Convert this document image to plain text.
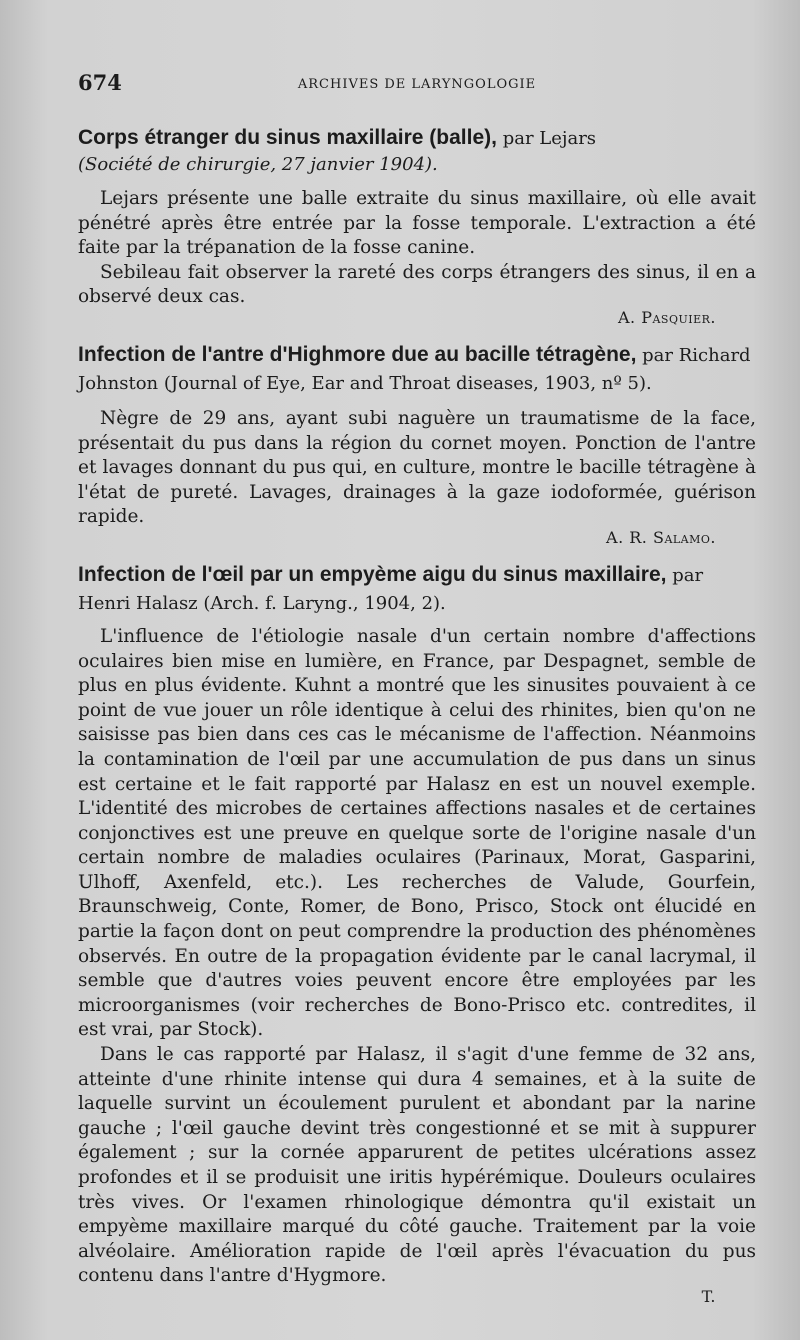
674	ARCHIVES DE LARYNGOLOGIE

Corps étranger du sinus maxillaire (balle), par Lejars

(Société de chirurgie, 27 janvier 1904).

Lejars présente une balle extraite du sinus maxillaire, où elle avait pénétré après être entrée par la fosse temporale. L'extraction a été faite par la trépanation de la fosse canine.

Sebileau fait observer la rareté des corps étrangers des sinus, il en a observé deux cas.

A. Pasquier.

Infection de l'antre d'Highmore due au bacille tétragène, par Richard Johnston (Journal of Eye, Ear and Throat diseases, 1903, nº 5).

Nègre de 29 ans, ayant subi naguère un traumatisme de la face, présentait du pus dans la région du cornet moyen. Ponction de l'antre et lavages donnant du pus qui, en culture, montre le bacille tétragène à l'état de pureté. Lavages, drainages à la gaze iodoformée, guérison rapide.

A. R. Salamo.

Infection de l'œil par un empyème aigu du sinus maxillaire, par Henri Halasz (Arch. f. Laryng., 1904, 2).

L'influence de l'étiologie nasale d'un certain nombre d'affections oculaires bien mise en lumière, en France, par Despagnet, semble de plus en plus évidente. Kuhnt a montré que les sinusites pouvaient à ce point de vue jouer un rôle identique à celui des rhinites, bien qu'on ne saisisse pas bien dans ces cas le mécanisme de l'affection. Néanmoins la contamination de l'œil par une accumulation de pus dans un sinus est certaine et le fait rapporté par Halasz en est un nouvel exemple. L'identité des microbes de certaines affections nasales et de certaines conjonctives est une preuve en quelque sorte de l'origine nasale d'un certain nombre de maladies oculaires (Parinaux, Morat, Gasparini, Ulhoff, Axenfeld, etc.). Les recherches de Valude, Gourfein, Braunschweig, Conte, Romer, de Bono, Prisco, Stock ont élucidé en partie la façon dont on peut comprendre la production des phénomènes observés. En outre de la propagation évidente par le canal lacrymal, il semble que d'autres voies peuvent encore être employées par les microorganismes (voir recherches de Bono-Prisco etc. contredites, il est vrai, par Stock).

Dans le cas rapporté par Halasz, il s'agit d'une femme de 32 ans, atteinte d'une rhinite intense qui dura 4 semaines, et à la suite de laquelle survint un écoulement purulent et abondant par la narine gauche ; l'œil gauche devint très congestionné et se mit à suppurer également ; sur la cornée apparurent de petites ulcérations assez profondes et il se produisit une iritis hypérémique. Douleurs oculaires très vives. Or l'examen rhinologique démontra qu'il existait un empyème maxillaire marqué du côté gauche. Traitement par la voie alvéolaire. Amélioration rapide de l'œil après l'évacuation du pus contenu dans l'antre d'Hygmore.

T.
